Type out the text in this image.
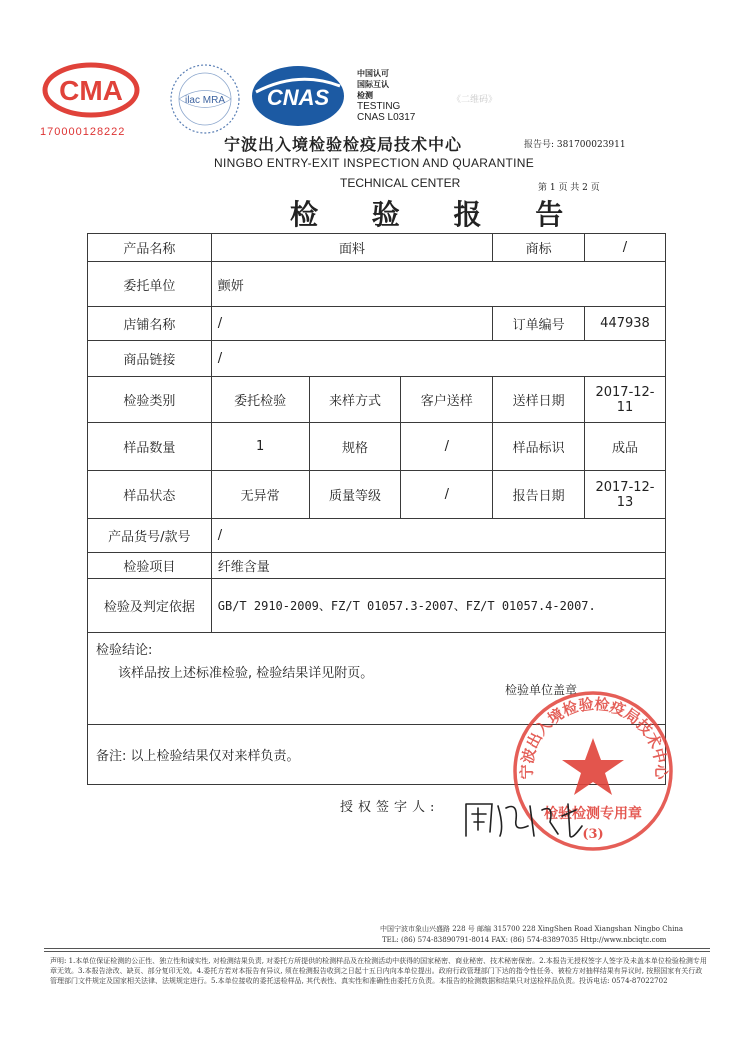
CMA
170000128222
ilac MRA CNAS
中国认可
国际互认
检测
TESTING
CNAS L0317
《二维码》
宁波出入境检验检疫局技术中心
NINGBO ENTRY-EXIT INSPECTION AND QUARANTINE
TECHNICAL CENTER
报告号: 381700023911
第 1 页 共 2 页
检 验 报 告
产品名称	面料			商标	/
委托单位	颤妍				
店铺名称	/			订单编号	447938
商品链接	/				
检验类别	委托检验	来样方式	客户送样	送样日期	2017-12-11
样品数量	1	规格	/	样品标识	成品
样品状态	无异常	质量等级	/	报告日期	2017-12-13
产品货号/款号	/				
检验项目	纤维含量				
检验及判定依据	GB/T 2910-2009、FZ/T 01057.3-2007、FZ/T 01057.4-2007.				

检验结论:
该样品按上述标准检验, 检验结果详见附页。
检验单位盖章					

备注: 以上检验结果仅对来样负责。					
宁波出入境检验检疫局技术中心
检验检测专用章
(3)
授权签字人:
中国宁波市象山兴盛路 228 号 邮编 315700 228 XingShen Road Xiangshan Ningbo China
TEL: (86) 574-83890791-8014 FAX: (86) 574-83897035 Http://www.nbciqtc.com
声明: 1.本单位保证检测的公正性、独立性和诚实性, 对检测结果负责, 对委托方所提供的检测样品及在检测活动中获得的国家秘密、商业秘密、技术秘密保密。2.本报告无授权签字人签字及未盖本单位检验检测专用章无效。3.本报告涂改、缺页、部分复印无效。4.委托方若对本报告有异议, 须在检测报告收到之日起十五日内向本单位提出。政府行政管理部门下达的指令性任务、被检方对抽样结果有异议时, 按照国家有关行政管理部门文件规定及国家相关法律、法规规定进行。5.本单位接收的委托送检样品, 其代表性、真实性和准确性由委托方负责。本报告的检测数据和结果只对送检样品负责。投诉电话: 0574-87022702
